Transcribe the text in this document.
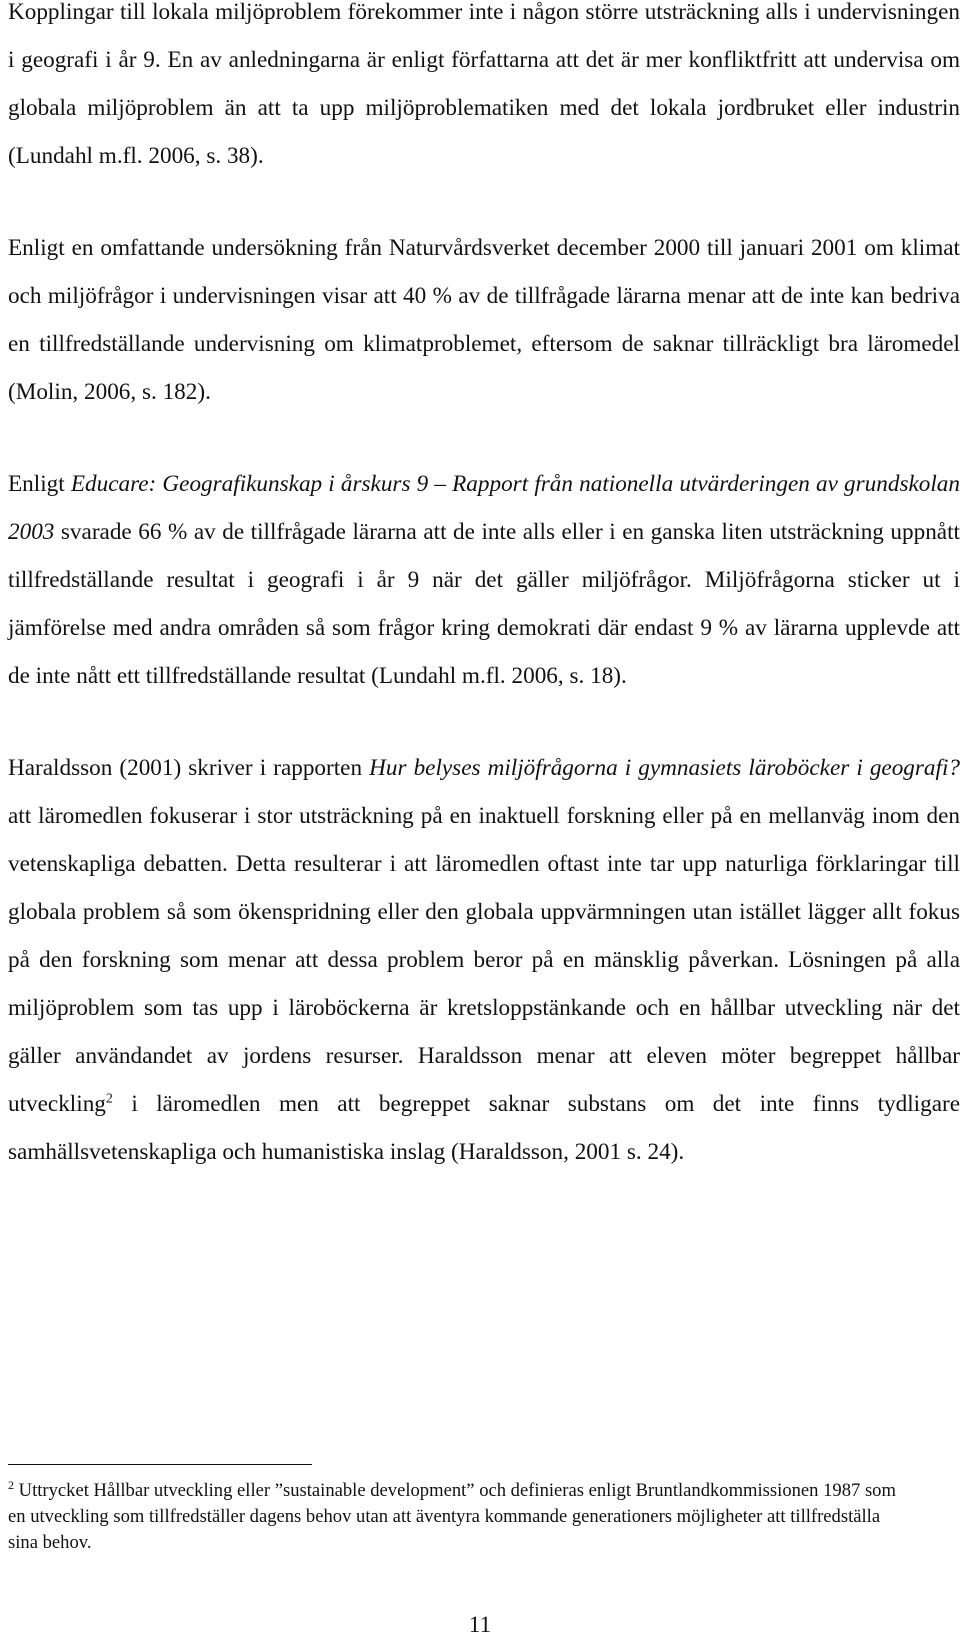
Kopplingar till lokala miljöproblem förekommer inte i någon större utsträckning alls i undervisningen i geografi i år 9. En av anledningarna är enligt författarna att det är mer konfliktfritt att undervisa om globala miljöproblem än att ta upp miljöproblematiken med det lokala jordbruket eller industrin (Lundahl m.fl. 2006, s. 38).

Enligt en omfattande undersökning från Naturvårdsverket december 2000 till januari 2001 om klimat och miljöfrågor i undervisningen visar att 40 % av de tillfrågade lärarna menar att de inte kan bedriva en tillfredställande undervisning om klimatproblemet, eftersom de saknar tillräckligt bra läromedel (Molin, 2006, s. 182).

Enligt Educare: Geografikunskap i årskurs 9 – Rapport från nationella utvärderingen av grundskolan 2003 svarade 66 % av de tillfrågade lärarna att de inte alls eller i en ganska liten utsträckning uppnått tillfredställande resultat i geografi i år 9 när det gäller miljöfrågor. Miljöfrågorna sticker ut i jämförelse med andra områden så som frågor kring demokrati där endast 9 % av lärarna upplevde att de inte nått ett tillfredställande resultat (Lundahl m.fl. 2006, s. 18).

Haraldsson (2001) skriver i rapporten Hur belyses miljöfrågorna i gymnasiets läroböcker i geografi? att läromedlen fokuserar i stor utsträckning på en inaktuell forskning eller på en mellanväg inom den vetenskapliga debatten. Detta resulterar i att läromedlen oftast inte tar upp naturliga förklaringar till globala problem så som ökenspridning eller den globala uppvärmningen utan istället lägger allt fokus på den forskning som menar att dessa problem beror på en mänsklig påverkan. Lösningen på alla miljöproblem som tas upp i läroböckerna är kretsloppstänkande och en hållbar utveckling när det gäller användandet av jordens resurser. Haraldsson menar att eleven möter begreppet hållbar utveckling$^2$ i läromedlen men att begreppet saknar substans om det inte finns tydligare samhällsvetenskapliga och humanistiska inslag (Haraldsson, 2001 s. 24).

$^2$ Uttrycket Hållbar utveckling eller ”sustainable development” och definieras enligt Bruntlandkommissionen 1987 som en utveckling som tillfredställer dagens behov utan att äventyra kommande generationers möjligheter att tillfredställa sina behov.

11
